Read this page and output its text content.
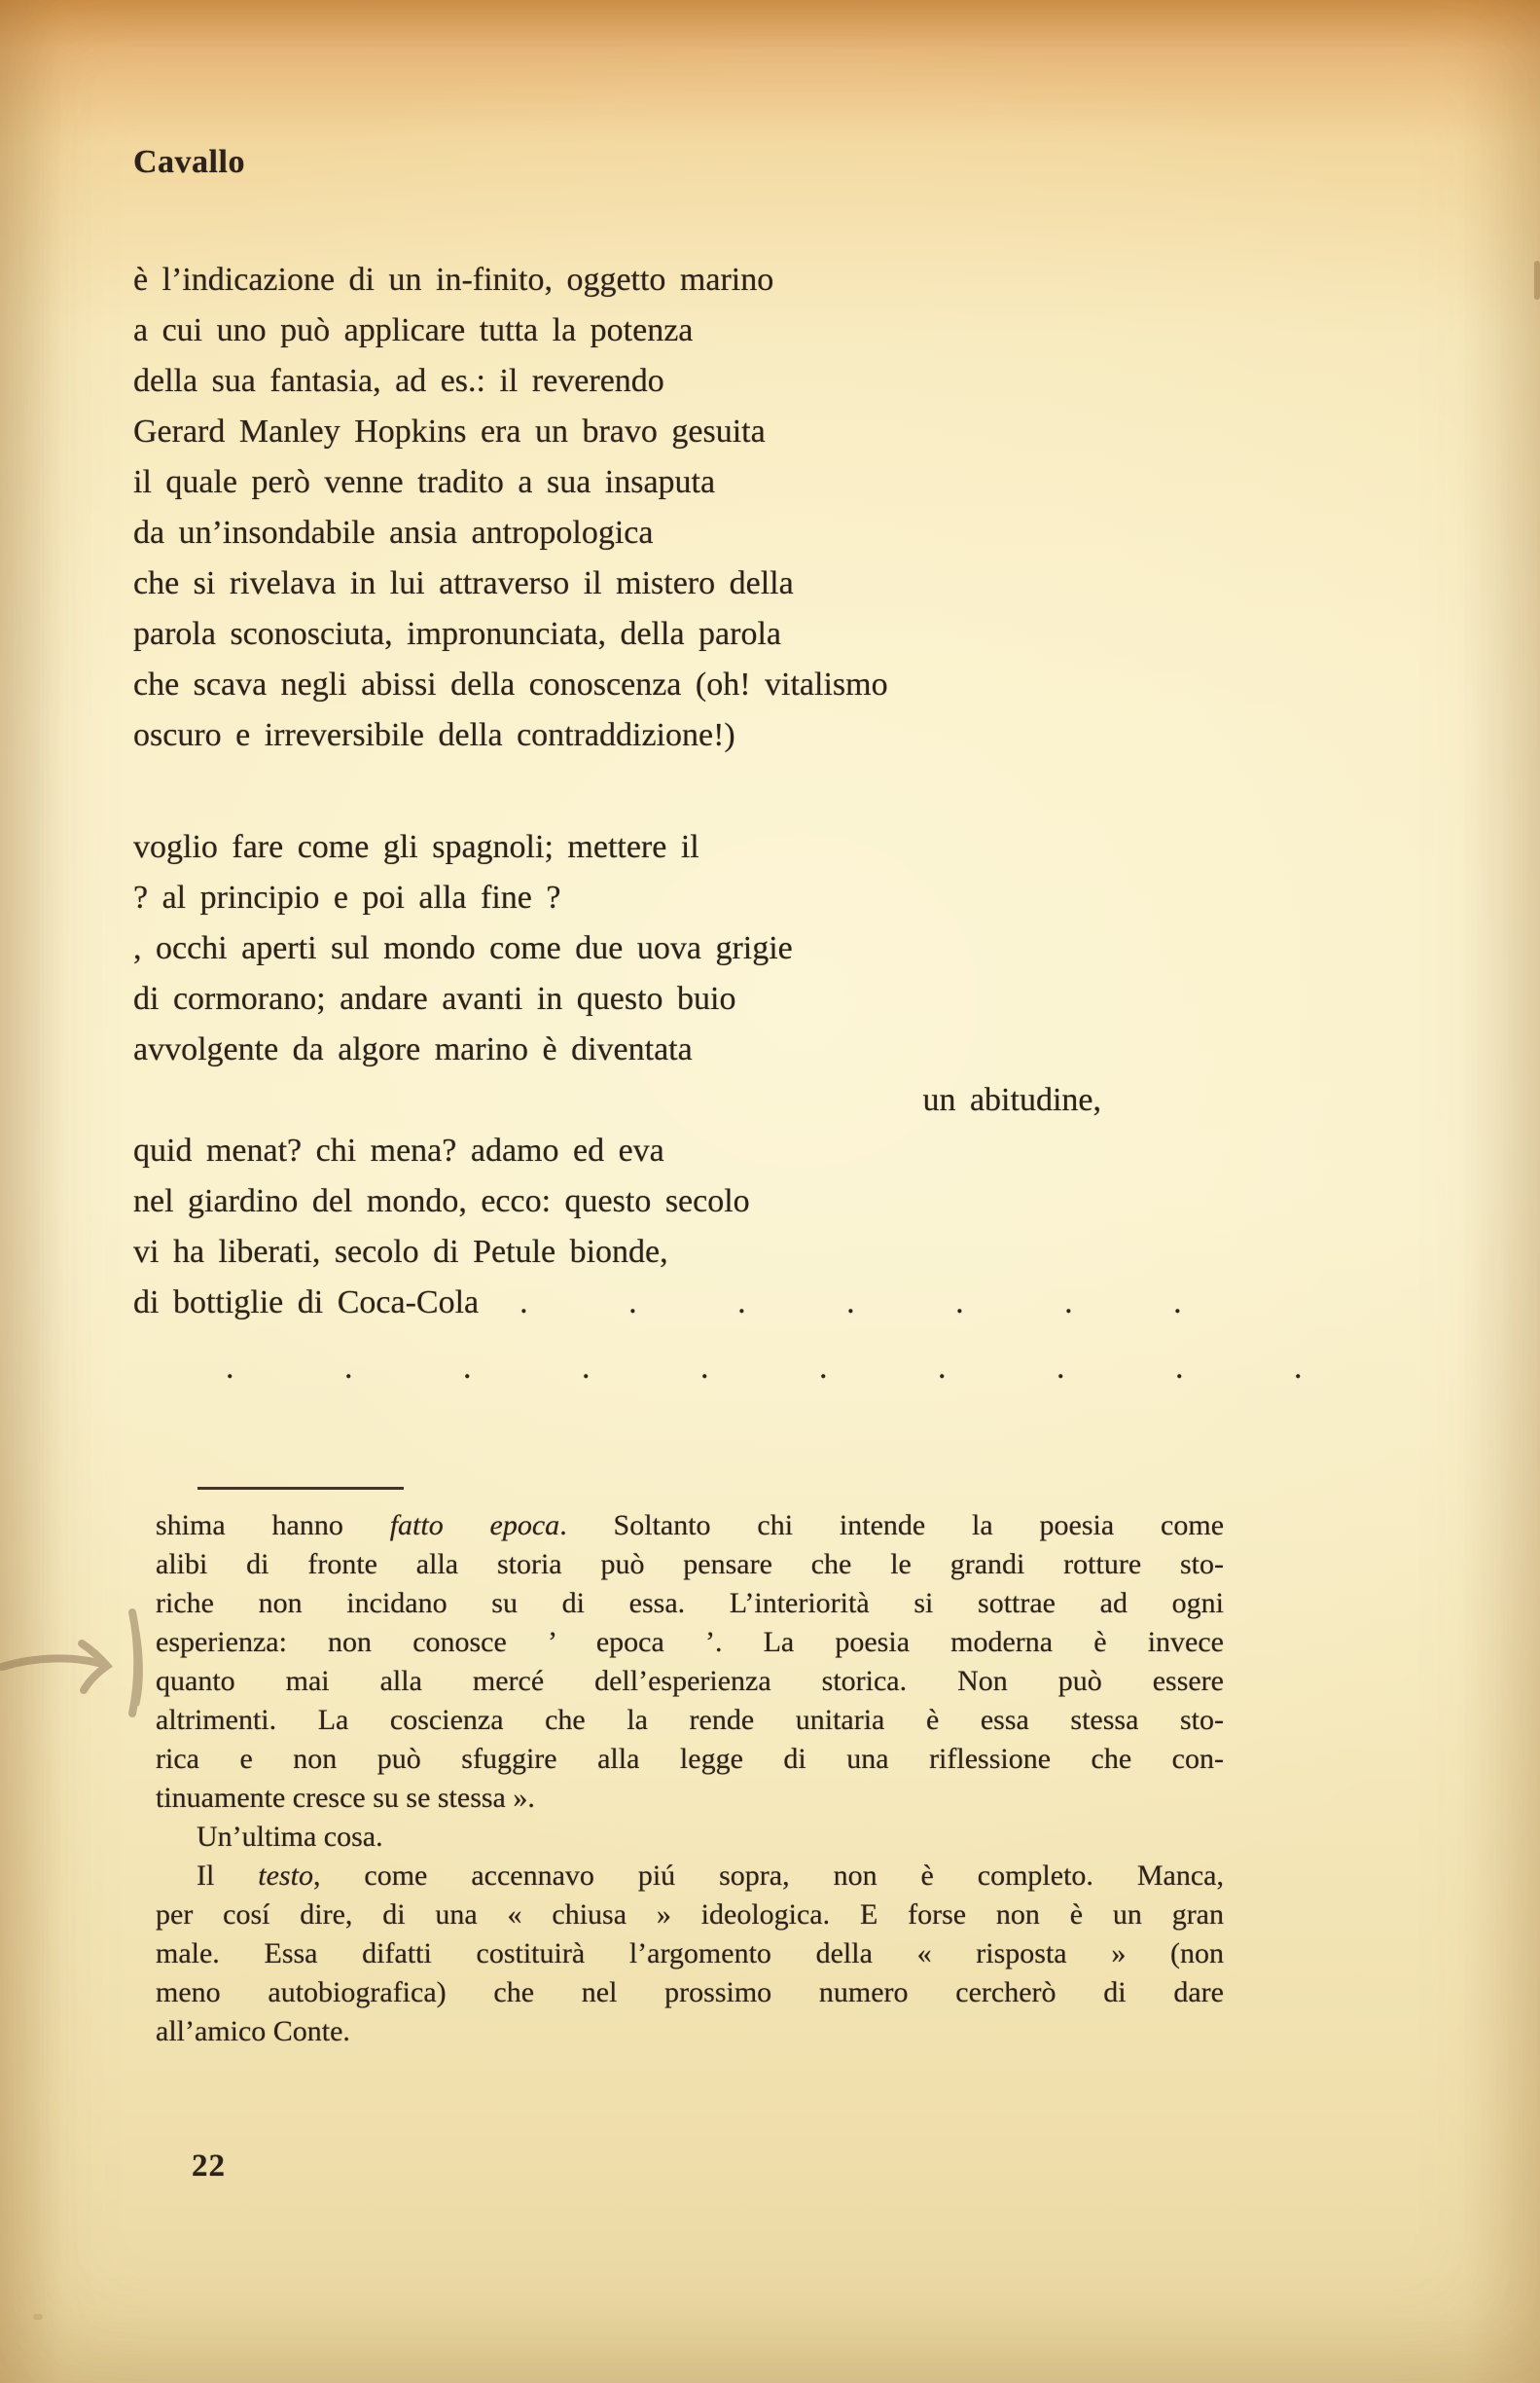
Cavallo
è l’indicazione di un in-finito, oggetto marino
a cui uno può applicare tutta la potenza
della sua fantasia, ad es.: il reverendo
Gerard Manley Hopkins era un bravo gesuita
il quale però venne tradito a sua insaputa
da un’insondabile ansia antropologica
che si rivelava in lui attraverso il mistero della
parola sconosciuta, impronunciata, della parola
che scava negli abissi della conoscenza (oh! vitalismo
oscuro e irreversibile della contraddizione!)
voglio fare come gli spagnoli; mettere il
? al principio e poi alla fine ?
, occhi aperti sul mondo come due uova grigie
di cormorano; andare avanti in questo buio
avvolgente da algore marino è diventata
un abitudine,
quid menat? chi mena? adamo ed eva
nel giardino del mondo, ecco: questo secolo
vi ha liberati, secolo di Petule bionde,
di bottiglie di Coca-Cola . . . . . . .
. . . . . . . . . .
shima hanno fatto epoca. Soltanto chi intende la poesia come
alibi di fronte alla storia può pensare che le grandi rotture sto-
riche non incidano su di essa. L’interiorità si sottrae ad ogni
esperienza: non conosce ’ epoca ’. La poesia moderna è invece
quanto mai alla mercé dell’esperienza storica. Non può essere
altrimenti. La coscienza che la rende unitaria è essa stessa sto-
rica e non può sfuggire alla legge di una riflessione che con-
tinuamente cresce su se stessa ».
Un’ultima cosa.
Il testo, come accennavo piú sopra, non è completo. Manca,
per cosí dire, di una « chiusa » ideologica. E forse non è un gran
male. Essa difatti costituirà l’argomento della « risposta » (non
meno autobiografica) che nel prossimo numero cercherò di dare
all’amico Conte.
22
